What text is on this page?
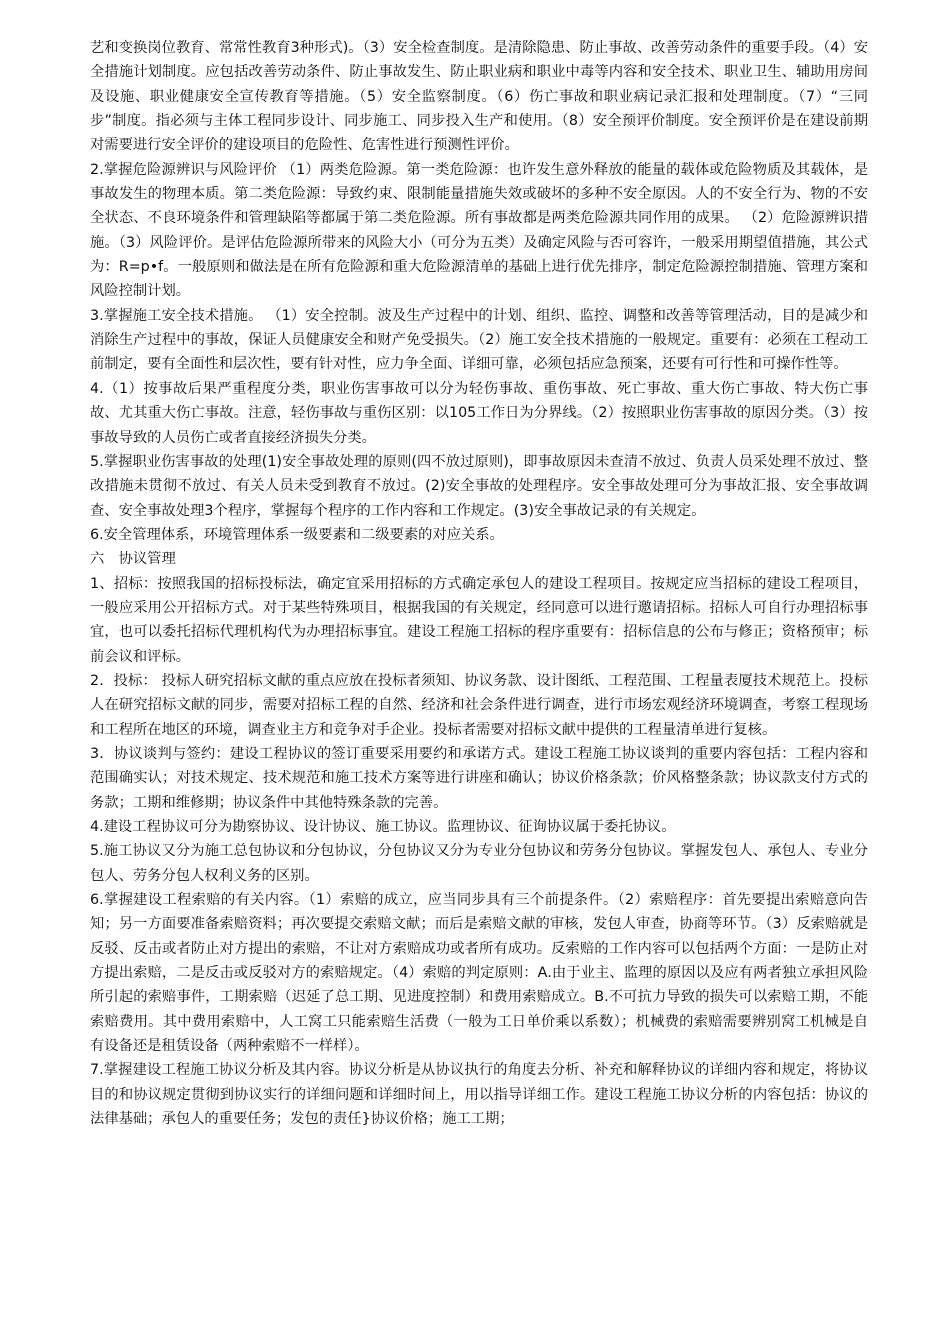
艺和变换岗位教育、常常性教育3种形式)。（3）安全检查制度。是清除隐患、防止事故、改善劳动条件的重要手段。（4）安全措施计划制度。应包括改善劳动条件、防止事故发生、防止职业病和职业中毒等内容和安全技术、职业卫生、辅助用房间及设施、职业健康安全宣传教育等措施。（5）安全监察制度。（6）伤亡事故和职业病记录汇报和处理制度。（7）“三同步”制度。指必须与主体工程同步设计、同步施工、同步投入生产和使用。（8）安全预评价制度。安全预评价是在建设前期对需要进行安全评价的建设项目的危险性、危害性进行预测性评价。

2.掌握危险源辨识与风险评价 （1）两类危险源。第一类危险源：也许发生意外释放的能量的载体或危险物质及其载体，是事故发生的物理本质。第二类危险源：导致约束、限制能量措施失效或破坏的多种不安全原因。人的不安全行为、物的不安全状态、不良环境条件和管理缺陷等都属于第二类危险源。所有事故都是两类危险源共同作用的成果。 （2）危险源辨识措施。（3）风险评价。是评估危险源所带来的风险大小（可分为五类）及确定风险与否可容许，一般采用期望值措施，其公式为：R=p•f。一般原则和做法是在所有危险源和重大危险源清单的基础上进行优先排序，制定危险源控制措施、管理方案和风险控制计划。

3.掌握施工安全技术措施。 （1）安全控制。波及生产过程中的计划、组织、监控、调整和改善等管理活动，目的是减少和消除生产过程中的事故，保证人员健康安全和财产免受损失。（2）施工安全技术措施的一般规定。重要有：必须在工程动工前制定，要有全面性和层次性，要有针对性，应力争全面、详细可靠，必须包括应急预案，还要有可行性和可操作性等。

4.（1）按事故后果严重程度分类，职业伤害事故可以分为轻伤事故、重伤事故、死亡事故、重大伤亡事故、特大伤亡事故、尤其重大伤亡事故。注意，轻伤事故与重伤区别：以105工作日为分界线。（2）按照职业伤害事故的原因分类。（3）按事故导致的人员伤亡或者直接经济损失分类。

5.掌握职业伤害事故的处理(1)安全事故处理的原则(四不放过原则)，即事故原因未查清不放过、负责人员采处理不放过、整改措施未贯彻不放过、有关人员未受到教育不放过。(2)安全事故的处理程序。安全事故处理可分为事故汇报、安全事故调查、安全事故处理3个程序，掌握每个程序的工作内容和工作规定。(3)安全事故记录的有关规定。

6.安全管理体系，环境管理体系一级要素和二级要素的对应关系。

六　协议管理

1、招标：按照我国的招标投标法，确定宜采用招标的方式确定承包人的建设工程项目。按规定应当招标的建设工程项目，一般应采用公开招标方式。对于某些特殊项目，根据我国的有关规定，经同意可以进行邀请招标。招标人可自行办理招标事宜，也可以委托招标代理机构代为办理招标事宜。建设工程施工招标的程序重要有：招标信息的公布与修正；资格预审；标前会议和评标。

2．投标： 投标人研究招标文献的重点应放在投标者须知、协议务款、设计图纸、工程范围、工程量表厦技术规范上。投标人在研究招标文献的同步，需要对招标工程的自然、经济和社会条件进行调查，进行市场宏观经济环境调查，考察工程现场和工程所在地区的环境，调查业主方和竞争对手企业。投标者需要对招标文献中提供的工程量清单进行复核。

3．协议谈判与签约：建设工程协议的签订重要采用要约和承诺方式。建设工程施工协议谈判的重要内容包括：工程内容和范围确实认；对技术规定、技术规范和施工技术方案等进行讲座和确认；协议价格条款；价风格整条款；协议款支付方式的务款；工期和维修期；协议条件中其他特殊条款的完善。

4.建设工程协议可分为勘察协议、设计协议、施工协议。监理协议、征询协议属于委托协议。

5.施工协议又分为施工总包协议和分包协议，分包协议又分为专业分包协议和劳务分包协议。掌握发包人、承包人、专业分包人、劳务分包人权利义务的区别。

6.掌握建设工程索赔的有关内容。（1）索赔的成立，应当同步具有三个前提条件。（2）索赔程序：首先要提出索赔意向告知；另一方面要准备索赔资料；再次要提交索赔文献；而后是索赔文献的审核，发包人审查，协商等环节。（3）反索赔就是反驳、反击或者防止对方提出的索赔，不让对方索赔成功或者所有成功。反索赔的工作内容可以包括两个方面：一是防止对方提出索赔，二是反击或反驳对方的索赔规定。（4）索赔的判定原则：A.由于业主、监理的原因以及应有两者独立承担风险所引起的索赔事件，工期索赔（迟延了总工期、见进度控制）和费用索赔成立。B.不可抗力导致的损失可以索赔工期，不能索赔费用。其中费用索赔中，人工窝工只能索赔生活费（一般为工日单价乘以系数）；机械费的索赔需要辨别窝工机械是自有设备还是租赁设备（两种索赔不一样样）。

7.掌握建设工程施工协议分析及其内容。协议分析是从协议执行的角度去分析、补充和解释协议的详细内容和规定，将协议目的和协议规定贯彻到协议实行的详细问题和详细时间上，用以指导详细工作。建设工程施工协议分析的内容包括：协议的法律基础；承包人的重要任务；发包的责任}协议价格；施工工期；
